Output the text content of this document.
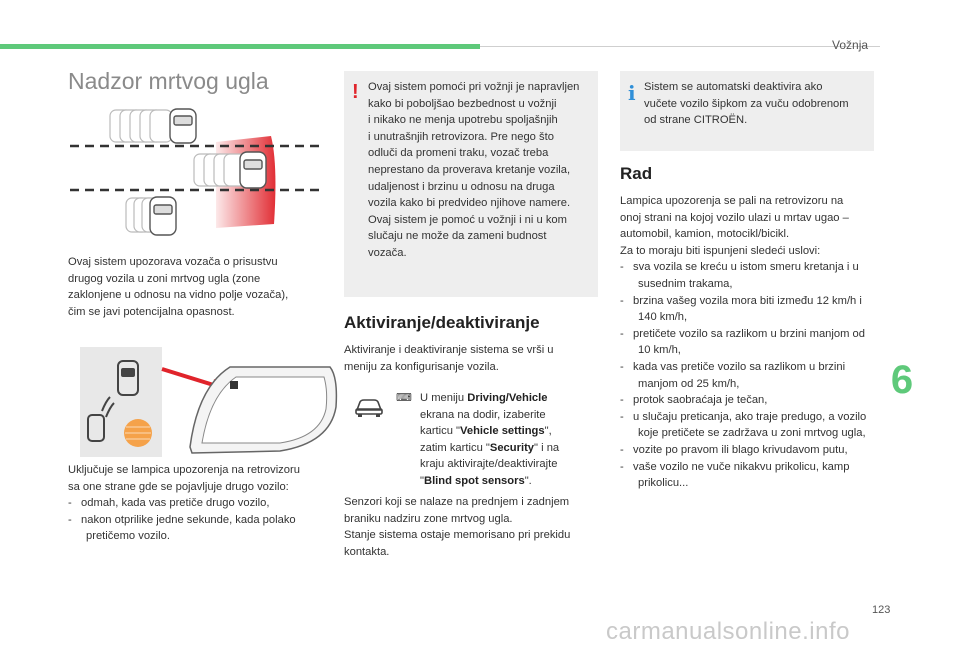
Vožnja
6
Nadzor mrtvog ugla
Ovaj sistem upozorava vozača o prisustvu
drugog vozila u zoni mrtvog ugla (zone
zaklonjene u odnosu na vidno polje vozača),
čim se javi potencijalna opasnost.
Uključuje se lampica upozorenja na retrovizoru
sa one strane gde se pojavljuje drugo vozilo:
-   odmah, kada vas pretiče drugo vozilo,
-   nakon otprilike jedne sekunde, kada polako pretičemo vozilo.
! Ovaj sistem pomoći pri vožnji je napravljen
kako bi poboljšao bezbednost u vožnji
i nikako ne menja upotrebu spoljašnjih
i unutrašnjih retrovizora. Pre nego što
odluči da promeni traku, vozač treba
neprestano da proverava kretanje vozila,
udaljenost i brzinu u odnosu na druga
vozila kako bi predvideo njihove namere.
Ovaj sistem je pomoć u vožnji i ni u kom
slučaju ne može da zameni budnost
vozača.
i Sistem se automatski deaktivira ako
vučete vozilo šipkom za vuču odobrenom
od strane CITROËN.
Aktiviranje/deaktiviranje
Aktiviranje i deaktiviranje sistema se vrši u
meniju za konfigurisanje vozila.
⌨ U meniju Driving/Vehicle
ekrana na dodir, izaberite
karticu "Vehicle settings",
zatim karticu "Security" i na
kraju aktivirajte/deaktivirajte
"Blind spot sensors".
Senzori koji se nalaze na prednjem i zadnjem
braniku nadziru zone mrtvog ugla.
Stanje sistema ostaje memorisano pri prekidu
kontakta.
Rad
Lampica upozorenja se pali na retrovizoru na
onoj strani na kojoj vozilo ulazi u mrtav ugao –
automobil, kamion, motocikl/bicikl.
Za to moraju biti ispunjeni sledeći uslovi:
-   sva vozila se kreću u istom smeru kretanja i u susednim trakama,
-   brzina vašeg vozila mora biti između 12 km/h i 140 km/h,
-   pretičete vozilo sa razlikom u brzini manjom od 10 km/h,
-   kada vas pretiče vozilo sa razlikom u brzini manjom od 25 km/h,
-   protok saobraćaja je tečan,
-   u slučaju preticanja, ako traje predugo, a vozilo koje pretičete se zadržava u zoni mrtvog ugla,
-   vozite po pravom ili blago krivudavom putu,
-   vaše vozilo ne vuče nikakvu prikolicu, kamp prikolicu...
123
carmanualsonline.info
